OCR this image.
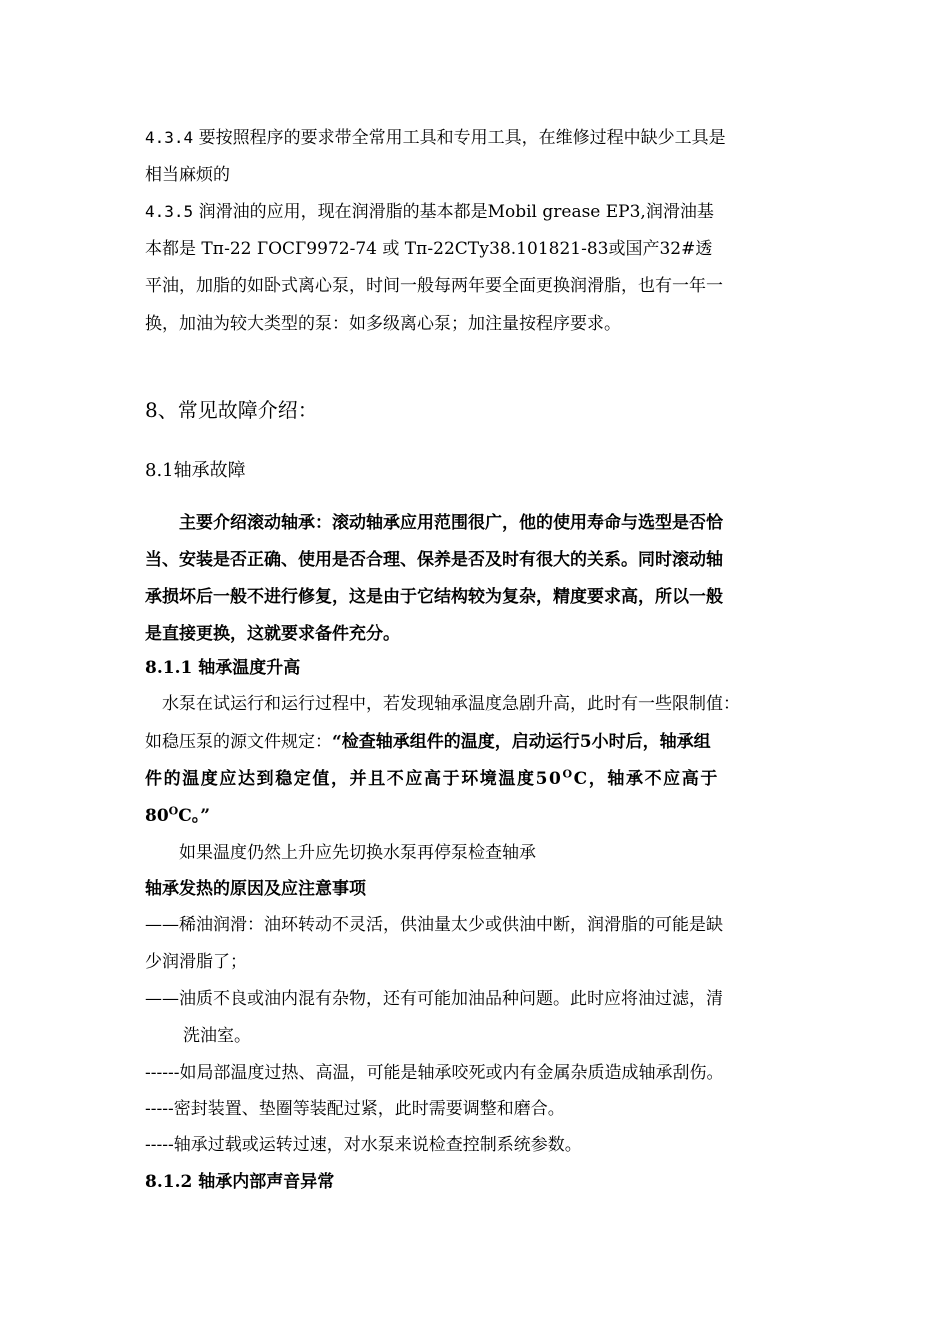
4.3.4 要按照程序的要求带全常用工具和专用工具，在维修过程中缺少工具是
相当麻烦的
4.3.5 润滑油的应用，现在润滑脂的基本都是Mobil grease EP3,润滑油基
本都是 Тп-22 ГОСГ9972-74 或 Тп-22СТу38.101821-83或国产32#透
平油，加脂的如卧式离心泵，时间一般每两年要全面更换润滑脂，也有一年一
换，加油为较大类型的泵：如多级离心泵；加注量按程序要求。
8、常见故障介绍：
8.1轴承故障
主要介绍滚动轴承：滚动轴承应用范围很广，他的使用寿命与选型是否恰
当、安装是否正确、使用是否合理、保养是否及时有很大的关系。同时滚动轴
承损坏后一般不进行修复，这是由于它结构较为复杂，精度要求高，所以一般
是直接更换，这就要求备件充分。
8.1.1 轴承温度升高
水泵在试运行和运行过程中，若发现轴承温度急剧升高，此时有一些限制值：
如稳压泵的源文件规定：“检查轴承组件的温度，启动运行5小时后，轴承组
件的温度应达到稳定值，并且不应高于环境温度$50^OC$，轴承不应高于
$80^OC$。”
如果温度仍然上升应先切换水泵再停泵检查轴承
轴承发热的原因及应注意事项
——稀油润滑：油环转动不灵活，供油量太少或供油中断，润滑脂的可能是缺
少润滑脂了；
——油质不良或油内混有杂物，还有可能加油品种问题。此时应将油过滤，清
洗油室。
------如局部温度过热、高温，可能是轴承咬死或内有金属杂质造成轴承刮伤。
-----密封装置、垫圈等装配过紧，此时需要调整和磨合。
-----轴承过载或运转过速，对水泵来说检查控制系统参数。
8.1.2 轴承内部声音异常
